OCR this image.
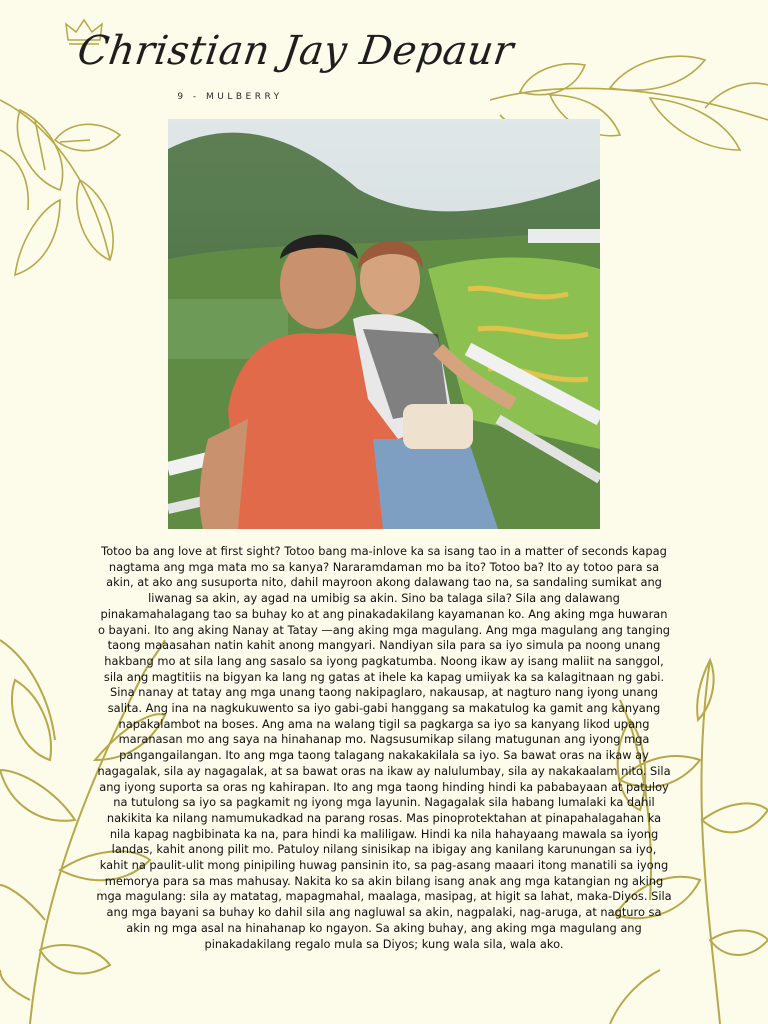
Christian Jay Depaur
9 - MULBERRY

Totoo ba ang love at first sight? Totoo bang ma-inlove ka sa isang tao in a matter of seconds kapag nagtama ang mga mata mo sa kanya? Nararamdaman mo ba ito? Totoo ba? Ito ay totoo para sa akin, at ako ang susuporta nito, dahil mayroon akong dalawang tao na, sa sandaling sumikat ang liwanag sa akin, ay agad na umibig sa akin. Sino ba talaga sila? Sila ang dalawang pinakamahalagang tao sa buhay ko at ang pinakadakilang kayamanan ko. Ang aking mga huwaran o bayani. Ito ang aking Nanay at Tatay —ang aking mga magulang. Ang mga magulang ang tanging taong maaasahan natin kahit anong mangyari. Nandiyan sila para sa iyo simula pa noong unang hakbang mo at sila lang ang sasalo sa iyong pagkatumba. Noong ikaw ay isang maliit na sanggol, sila ang magtitiis na bigyan ka lang ng gatas at ihele ka kapag umiiyak ka sa kalagitnaan ng gabi. Sina nanay at tatay ang mga unang taong nakipaglaro, nakausap, at nagturo nang iyong unang salita. Ang ina na nagkukuwento sa iyo gabi-gabi hanggang sa makatulog ka gamit ang kanyang napakalambot na boses. Ang ama na walang tigil sa pagkarga sa iyo sa kanyang likod upang maranasan mo ang saya na hinahanap mo. Nagsusumikap silang matugunan ang iyong mga pangangailangan. Ito ang mga taong talagang nakakakilala sa iyo. Sa bawat oras na ikaw ay nagagalak, sila ay nagagalak, at sa bawat oras na ikaw ay nalulumbay, sila ay nakakaalam nito. Sila ang iyong suporta sa oras ng kahirapan. Ito ang mga taong hinding hindi ka pababayaan at patuloy na tutulong sa iyo sa pagkamit ng iyong mga layunin. Nagagalak sila habang lumalaki ka dahil nakikita ka nilang namumukadkad na parang rosas. Mas pinoprotektahan at pinapahalagahan ka nila kapag nagbibinata ka na, para hindi ka maliligaw. Hindi ka nila hahayaang mawala sa iyong landas, kahit anong pilit mo. Patuloy nilang sinisikap na ibigay ang kanilang karunungan sa iyo, kahit na paulit-ulit mong pinipiling huwag pansinin ito, sa pag-asang maaari itong manatili sa iyong memorya para sa mas mahusay. Nakita ko sa akin bilang isang anak ang mga katangian ng aking mga magulang: sila ay matatag, mapagmahal, maalaga, masipag, at higit sa lahat, maka-Diyos. Sila ang mga bayani sa buhay ko dahil sila ang nagluwal sa akin, nagpalaki, nag-aruga, at nagturo sa akin ng mga asal na hinahanap ko ngayon. Sa aking buhay, ang aking mga magulang ang pinakadakilang regalo mula sa Diyos; kung wala sila, wala ako.
